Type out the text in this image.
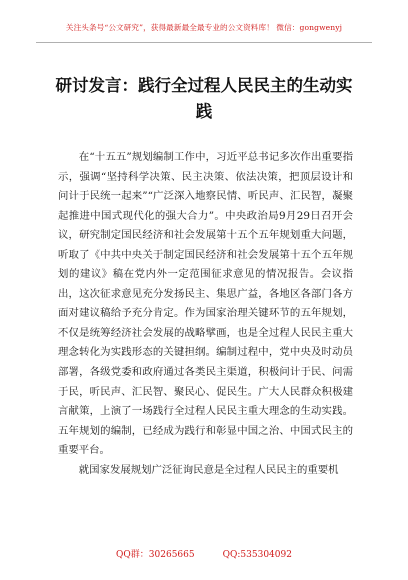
关注头条号“公文研究”，获得最新最全最专业的公文资料库！ 微信：gongwenyj
研讨发言：践行全过程人民民主的生动实践

在“十五五”规划编制工作中，习近平总书记多次作出重要指示，强调“坚持科学决策、民主决策、依法决策，把顶层设计和问计于民统一起来”“广泛深入地察民情、听民声、汇民智，凝聚起推进中国式现代化的强大合力”。中央政治局9月29日召开会议，研究制定国民经济和社会发展第十五个五年规划重大问题，听取了《中共中央关于制定国民经济和社会发展第十五个五年规划的建议》稿在党内外一定范围征求意见的情况报告。会议指出，这次征求意见充分发扬民主、集思广益，各地区各部门各方面对建议稿给予充分肯定。作为国家治理关键环节的五年规划，不仅是统筹经济社会发展的战略擘画，也是全过程人民民主重大理念转化为实践形态的关键担纲。编制过程中，党中央及时动员部署，各级党委和政府通过各类民主渠道，积极问计于民、问需于民，听民声、汇民智、聚民心、促民生。广大人民群众积极建言献策，上演了一场践行全过程人民民主重大理念的生动实践。五年规划的编制，已经成为践行和彰显中国之治、中国式民主的重要平台。

就国家发展规划广泛征询民意是全过程人民民主的重要机

QQ群：30265665	QQ:535304092
